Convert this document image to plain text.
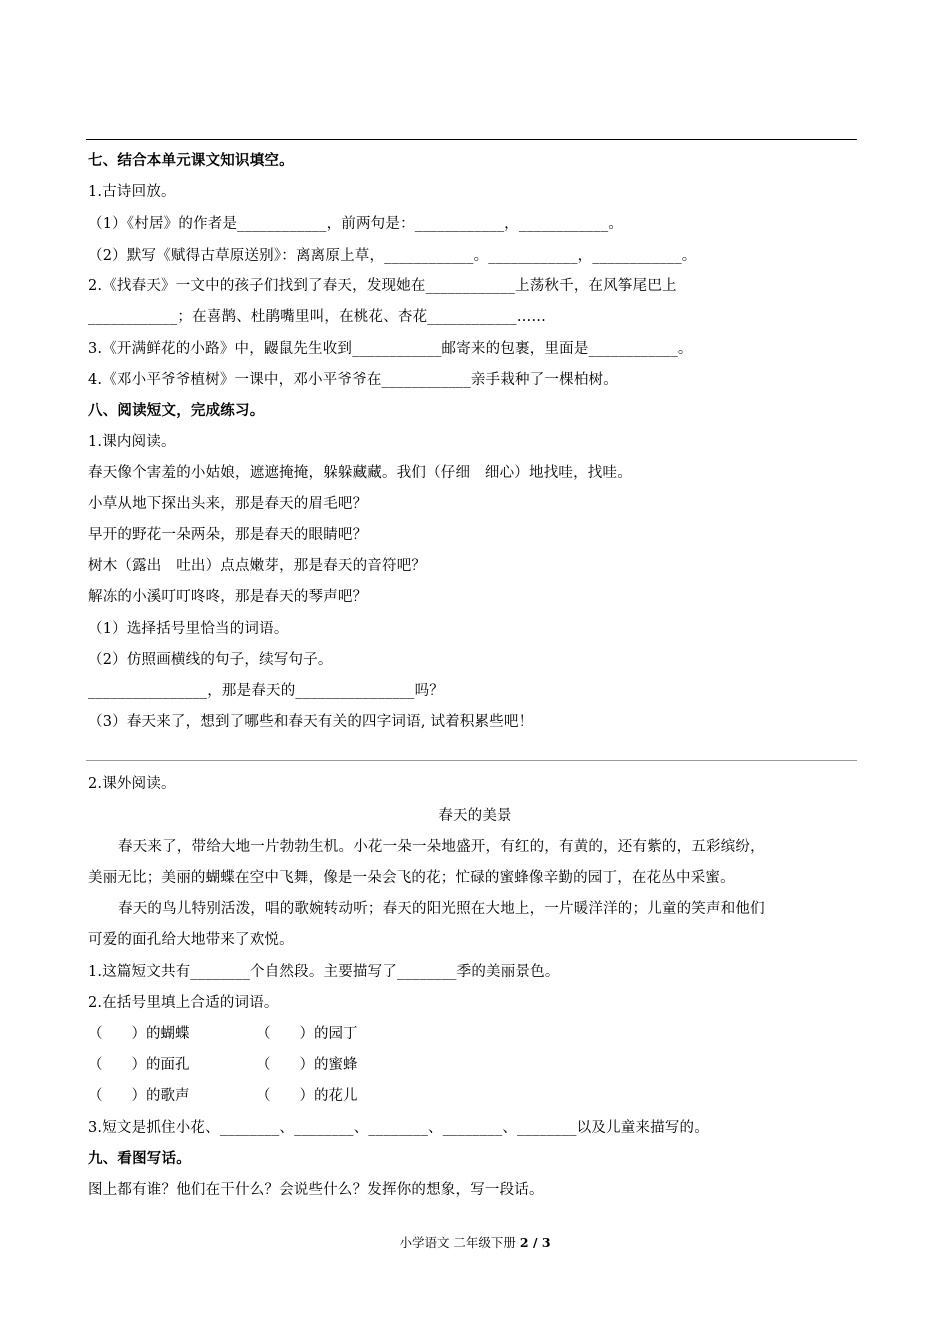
七、结合本单元课文知识填空。
1.古诗回放。
（1）《村居》的作者是____________，前两句是：____________，____________。
（2）默写《赋得古草原送别》：离离原上草，____________。____________，____________。
2.《找春天》一文中的孩子们找到了春天，发现她在____________上荡秋千，在风筝尾巴上
____________；在喜鹊、杜鹃嘴里叫，在桃花、杏花____________……
3.《开满鲜花的小路》中，鼹鼠先生收到____________邮寄来的包裹，里面是____________。
4.《邓小平爷爷植树》一课中，邓小平爷爷在____________亲手栽种了一棵柏树。
八、阅读短文，完成练习。
1.课内阅读。
春天像个害羞的小姑娘，遮遮掩掩，躲躲藏藏。我们（仔细　细心）地找哇，找哇。
小草从地下探出头来，那是春天的眉毛吧？
早开的野花一朵两朵，那是春天的眼睛吧？
树木（露出　吐出）点点嫩芽，那是春天的音符吧？
解冻的小溪叮叮咚咚，那是春天的琴声吧？
（1）选择括号里恰当的词语。
（2）仿照画横线的句子，续写句子。
________________，那是春天的________________吗？
（3）春天来了，想到了哪些和春天有关的四字词语, 试着积累些吧！
2.课外阅读。
春天的美景
春天来了，带给大地一片勃勃生机。小花一朵一朵地盛开，有红的，有黄的，还有紫的，五彩缤纷，
美丽无比；美丽的蝴蝶在空中飞舞，像是一朵会飞的花；忙碌的蜜蜂像辛勤的园丁，在花丛中采蜜。
春天的鸟儿特别活泼，唱的歌婉转动听；春天的阳光照在大地上，一片暖洋洋的；儿童的笑声和他们
可爱的面孔给大地带来了欢悦。
1.这篇短文共有________个自然段。主要描写了________季的美丽景色。
2.在括号里填上合适的词语。
（　　）的蝴蝶	（　　）的园丁
（　　）的面孔	（　　）的蜜蜂
（　　）的歌声	（　　）的花儿
3.短文是抓住小花、________、________、________、________、________以及儿童来描写的。
九、看图写话。
图上都有谁？他们在干什么？会说些什么？发挥你的想象，写一段话。
小学语文 二年级下册 2 / 3
